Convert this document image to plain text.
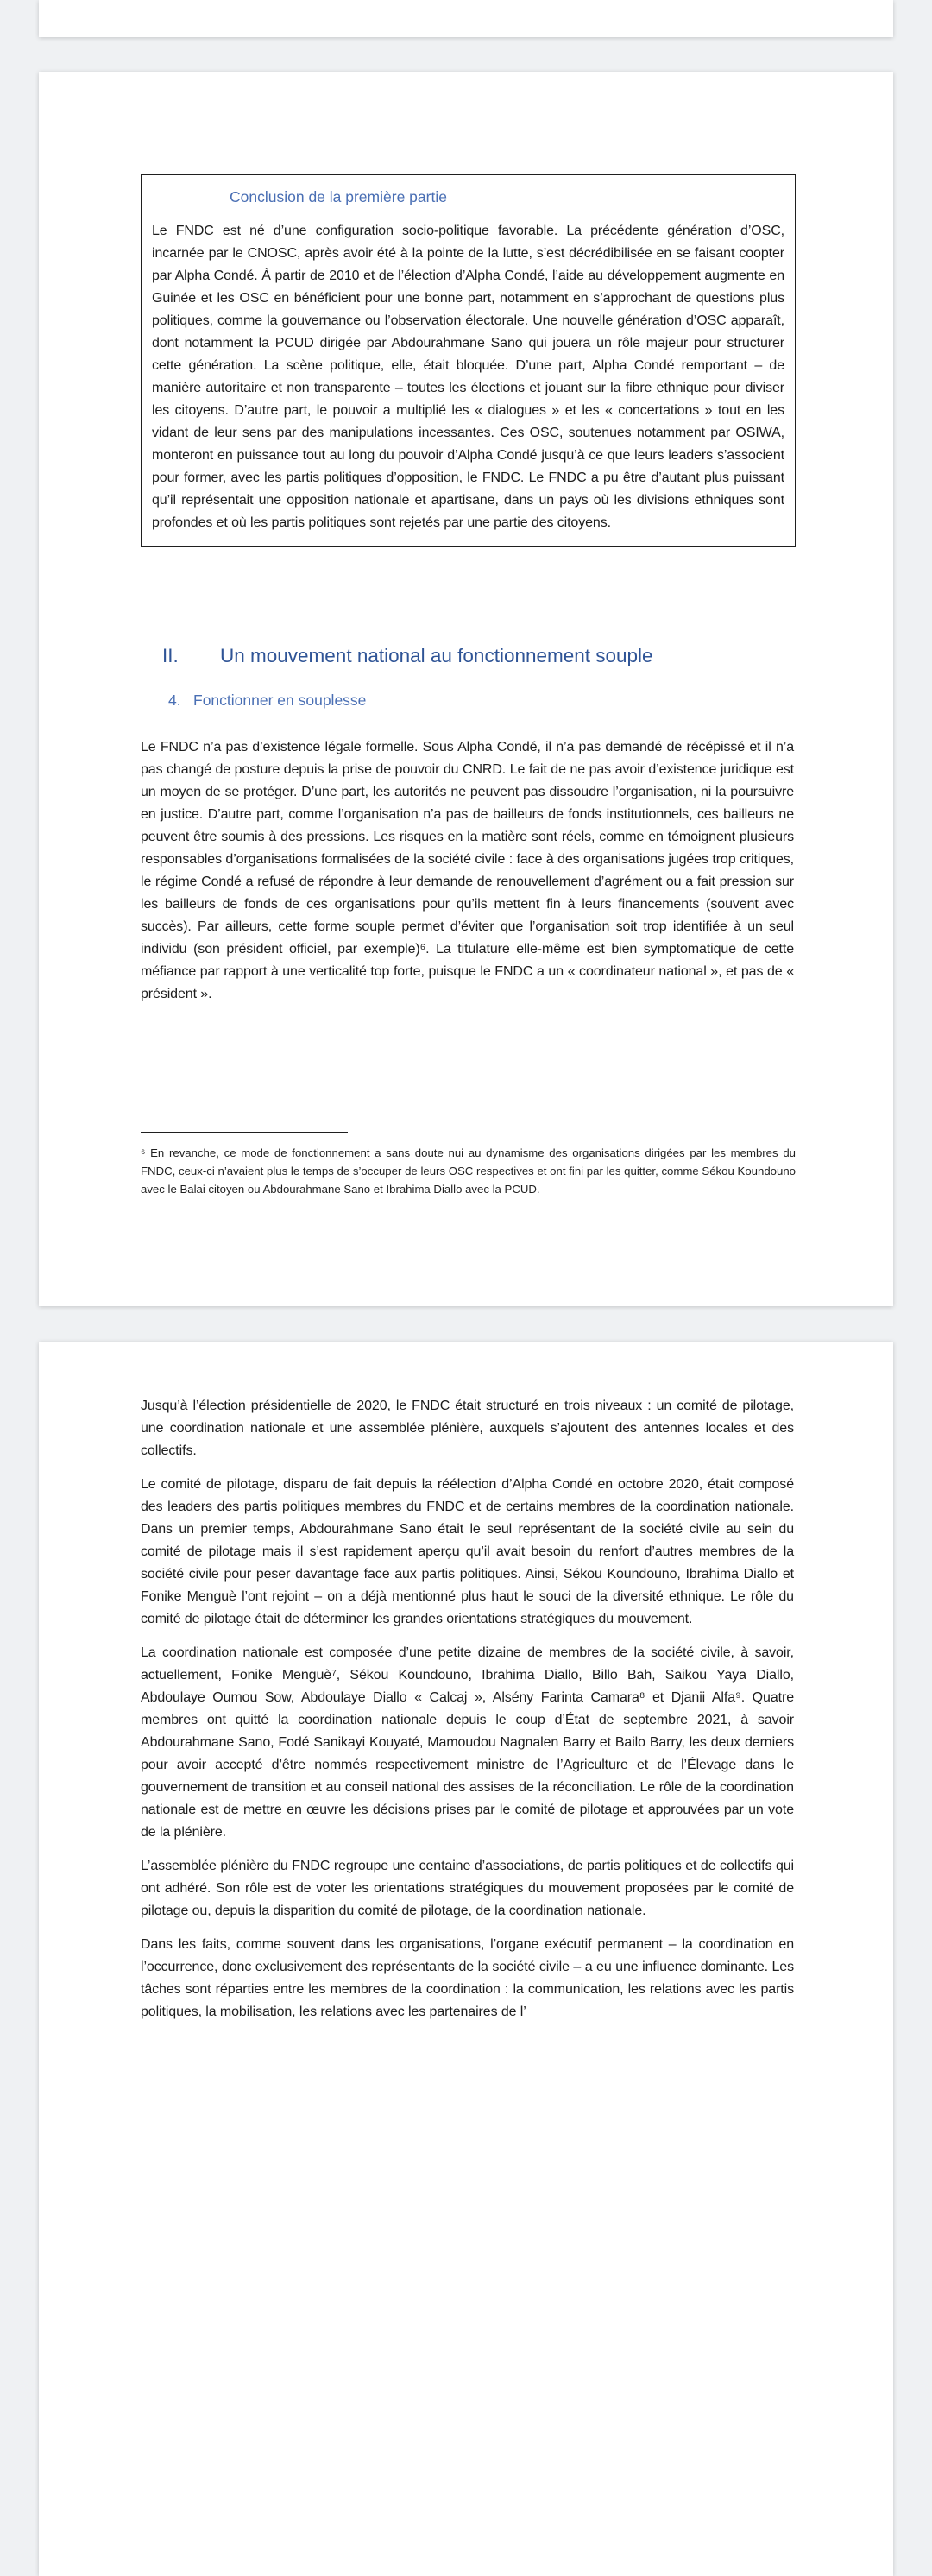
Conclusion de la première partie

Le FNDC est né d’une configuration socio-politique favorable. La précédente génération d’OSC, incarnée par le CNOSC, après avoir été à la pointe de la lutte, s’est décrédibilisée en se faisant coopter par Alpha Condé. À partir de 2010 et de l’élection d’Alpha Condé, l’aide au développement augmente en Guinée et les OSC en bénéficient pour une bonne part, notamment en s’approchant de questions plus politiques, comme la gouvernance ou l’observation électorale. Une nouvelle génération d’OSC apparaît, dont notamment la PCUD dirigée par Abdourahmane Sano qui jouera un rôle majeur pour structurer cette génération. La scène politique, elle, était bloquée. D’une part, Alpha Condé remportant – de manière autoritaire et non transparente – toutes les élections et jouant sur la fibre ethnique pour diviser les citoyens. D’autre part, le pouvoir a multiplié les « dialogues » et les « concertations » tout en les vidant de leur sens par des manipulations incessantes. Ces OSC, soutenues notamment par OSIWA, monteront en puissance tout au long du pouvoir d’Alpha Condé jusqu’à ce que leurs leaders s’associent pour former, avec les partis politiques d’opposition, le FNDC. Le FNDC a pu être d’autant plus puissant qu’il représentait une opposition nationale et apartisane, dans un pays où les divisions ethniques sont profondes et où les partis politiques sont rejetés par une partie des citoyens.

II.	Un mouvement national au fonctionnement souple
4. Fonctionner en souplesse

Le FNDC n’a pas d’existence légale formelle. Sous Alpha Condé, il n’a pas demandé de récépissé et il n’a pas changé de posture depuis la prise de pouvoir du CNRD. Le fait de ne pas avoir d’existence juridique est un moyen de se protéger. D’une part, les autorités ne peuvent pas dissoudre l’organisation, ni la poursuivre en justice. D’autre part, comme l’organisation n’a pas de bailleurs de fonds institutionnels, ces bailleurs ne peuvent être soumis à des pressions. Les risques en la matière sont réels, comme en témoignent plusieurs responsables d’organisations formalisées de la société civile : face à des organisations jugées trop critiques, le régime Condé a refusé de répondre à leur demande de renouvellement d’agrément ou a fait pression sur les bailleurs de fonds de ces organisations pour qu’ils mettent fin à leurs financements (souvent avec succès). Par ailleurs, cette forme souple permet d’éviter que l’organisation soit trop identifiée à un seul individu (son président officiel, par exemple)⁶. La titulature elle-même est bien symptomatique de cette méfiance par rapport à une verticalité top forte, puisque le FNDC a un « coordinateur national », et pas de « président ».

⁶ En revanche, ce mode de fonctionnement a sans doute nui au dynamisme des organisations dirigées par les membres du FNDC, ceux-ci n’avaient plus le temps de s’occuper de leurs OSC respectives et ont fini par les quitter, comme Sékou Koundouno avec le Balai citoyen ou Abdourahmane Sano et Ibrahima Diallo avec la PCUD.

Jusqu’à l’élection présidentielle de 2020, le FNDC était structuré en trois niveaux : un comité de pilotage, une coordination nationale et une assemblée plénière, auxquels s’ajoutent des antennes locales et des collectifs.

Le comité de pilotage, disparu de fait depuis la réélection d’Alpha Condé en octobre 2020, était composé des leaders des partis politiques membres du FNDC et de certains membres de la coordination nationale. Dans un premier temps, Abdourahmane Sano était le seul représentant de la société civile au sein du comité de pilotage mais il s’est rapidement aperçu qu’il avait besoin du renfort d’autres membres de la société civile pour peser davantage face aux partis politiques. Ainsi, Sékou Koundouno, Ibrahima Diallo et Fonike Menguè l’ont rejoint – on a déjà mentionné plus haut le souci de la diversité ethnique. Le rôle du comité de pilotage était de déterminer les grandes orientations stratégiques du mouvement.

La coordination nationale est composée d’une petite dizaine de membres de la société civile, à savoir, actuellement, Fonike Menguè⁷, Sékou Koundouno, Ibrahima Diallo, Billo Bah, Saikou Yaya Diallo, Abdoulaye Oumou Sow, Abdoulaye Diallo « Calcaj », Alsény Farinta Camara⁸ et Djanii Alfa⁹. Quatre membres ont quitté la coordination nationale depuis le coup d’État de septembre 2021, à savoir Abdourahmane Sano, Fodé Sanikayi Kouyaté, Mamoudou Nagnalen Barry et Bailo Barry, les deux derniers pour avoir accepté d’être nommés respectivement ministre de l’Agriculture et de l’Élevage dans le gouvernement de transition et au conseil national des assises de la réconciliation. Le rôle de la coordination nationale est de mettre en œuvre les décisions prises par le comité de pilotage et approuvées par un vote de la plénière.

L’assemblée plénière du FNDC regroupe une centaine d’associations, de partis politiques et de collectifs qui ont adhéré. Son rôle est de voter les orientations stratégiques du mouvement proposées par le comité de pilotage ou, depuis la disparition du comité de pilotage, de la coordination nationale.

Dans les faits, comme souvent dans les organisations, l’organe exécutif permanent – la coordination en l’occurrence, donc exclusivement des représentants de la société civile – a eu une influence dominante. Les tâches sont réparties entre les membres de la coordination : la communication, les relations avec les partis politiques, la mobilisation, les relations avec les partenaires de l’
